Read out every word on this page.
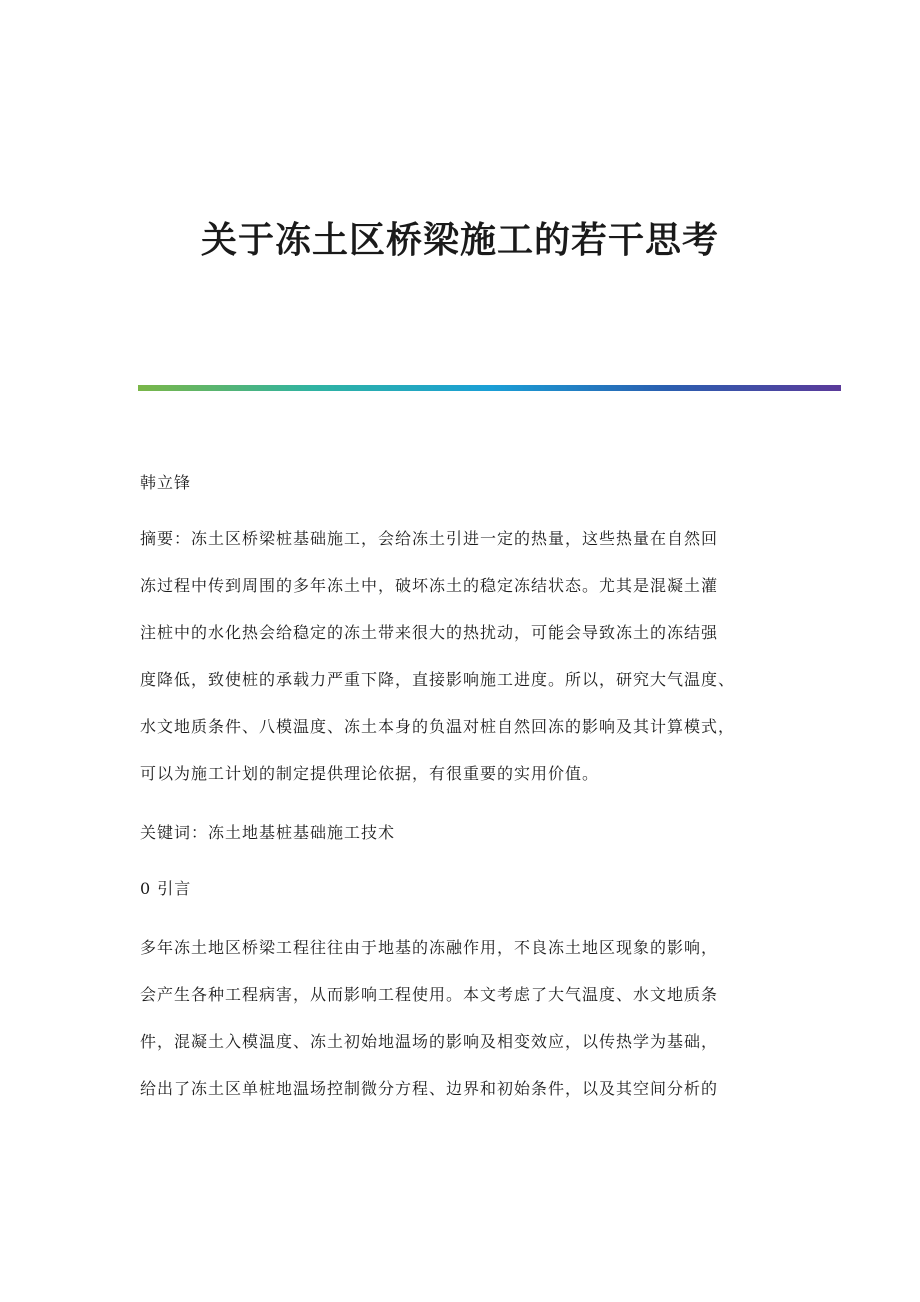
关于冻土区桥梁施工的若干思考
韩立锋
摘要：冻土区桥梁桩基础施工，会给冻土引进一定的热量，这些热量在自然回
冻过程中传到周围的多年冻土中，破坏冻土的稳定冻结状态。尤其是混凝土灌
注桩中的水化热会给稳定的冻土带来很大的热扰动，可能会导致冻土的冻结强
度降低，致使桩的承载力严重下降，直接影响施工进度。所以，研究大气温度、
水文地质条件、八模温度、冻土本身的负温对桩自然回冻的影响及其计算模式，
可以为施工计划的制定提供理论依据，有很重要的实用价值。
关键词：冻土地基桩基础施工技术
0 引言
多年冻土地区桥梁工程往往由于地基的冻融作用，不良冻土地区现象的影响，
会产生各种工程病害，从而影响工程使用。本文考虑了大气温度、水文地质条
件，混凝土入模温度、冻土初始地温场的影响及相变效应，以传热学为基础，
给出了冻土区单桩地温场控制微分方程、边界和初始条件，以及其空间分析的
